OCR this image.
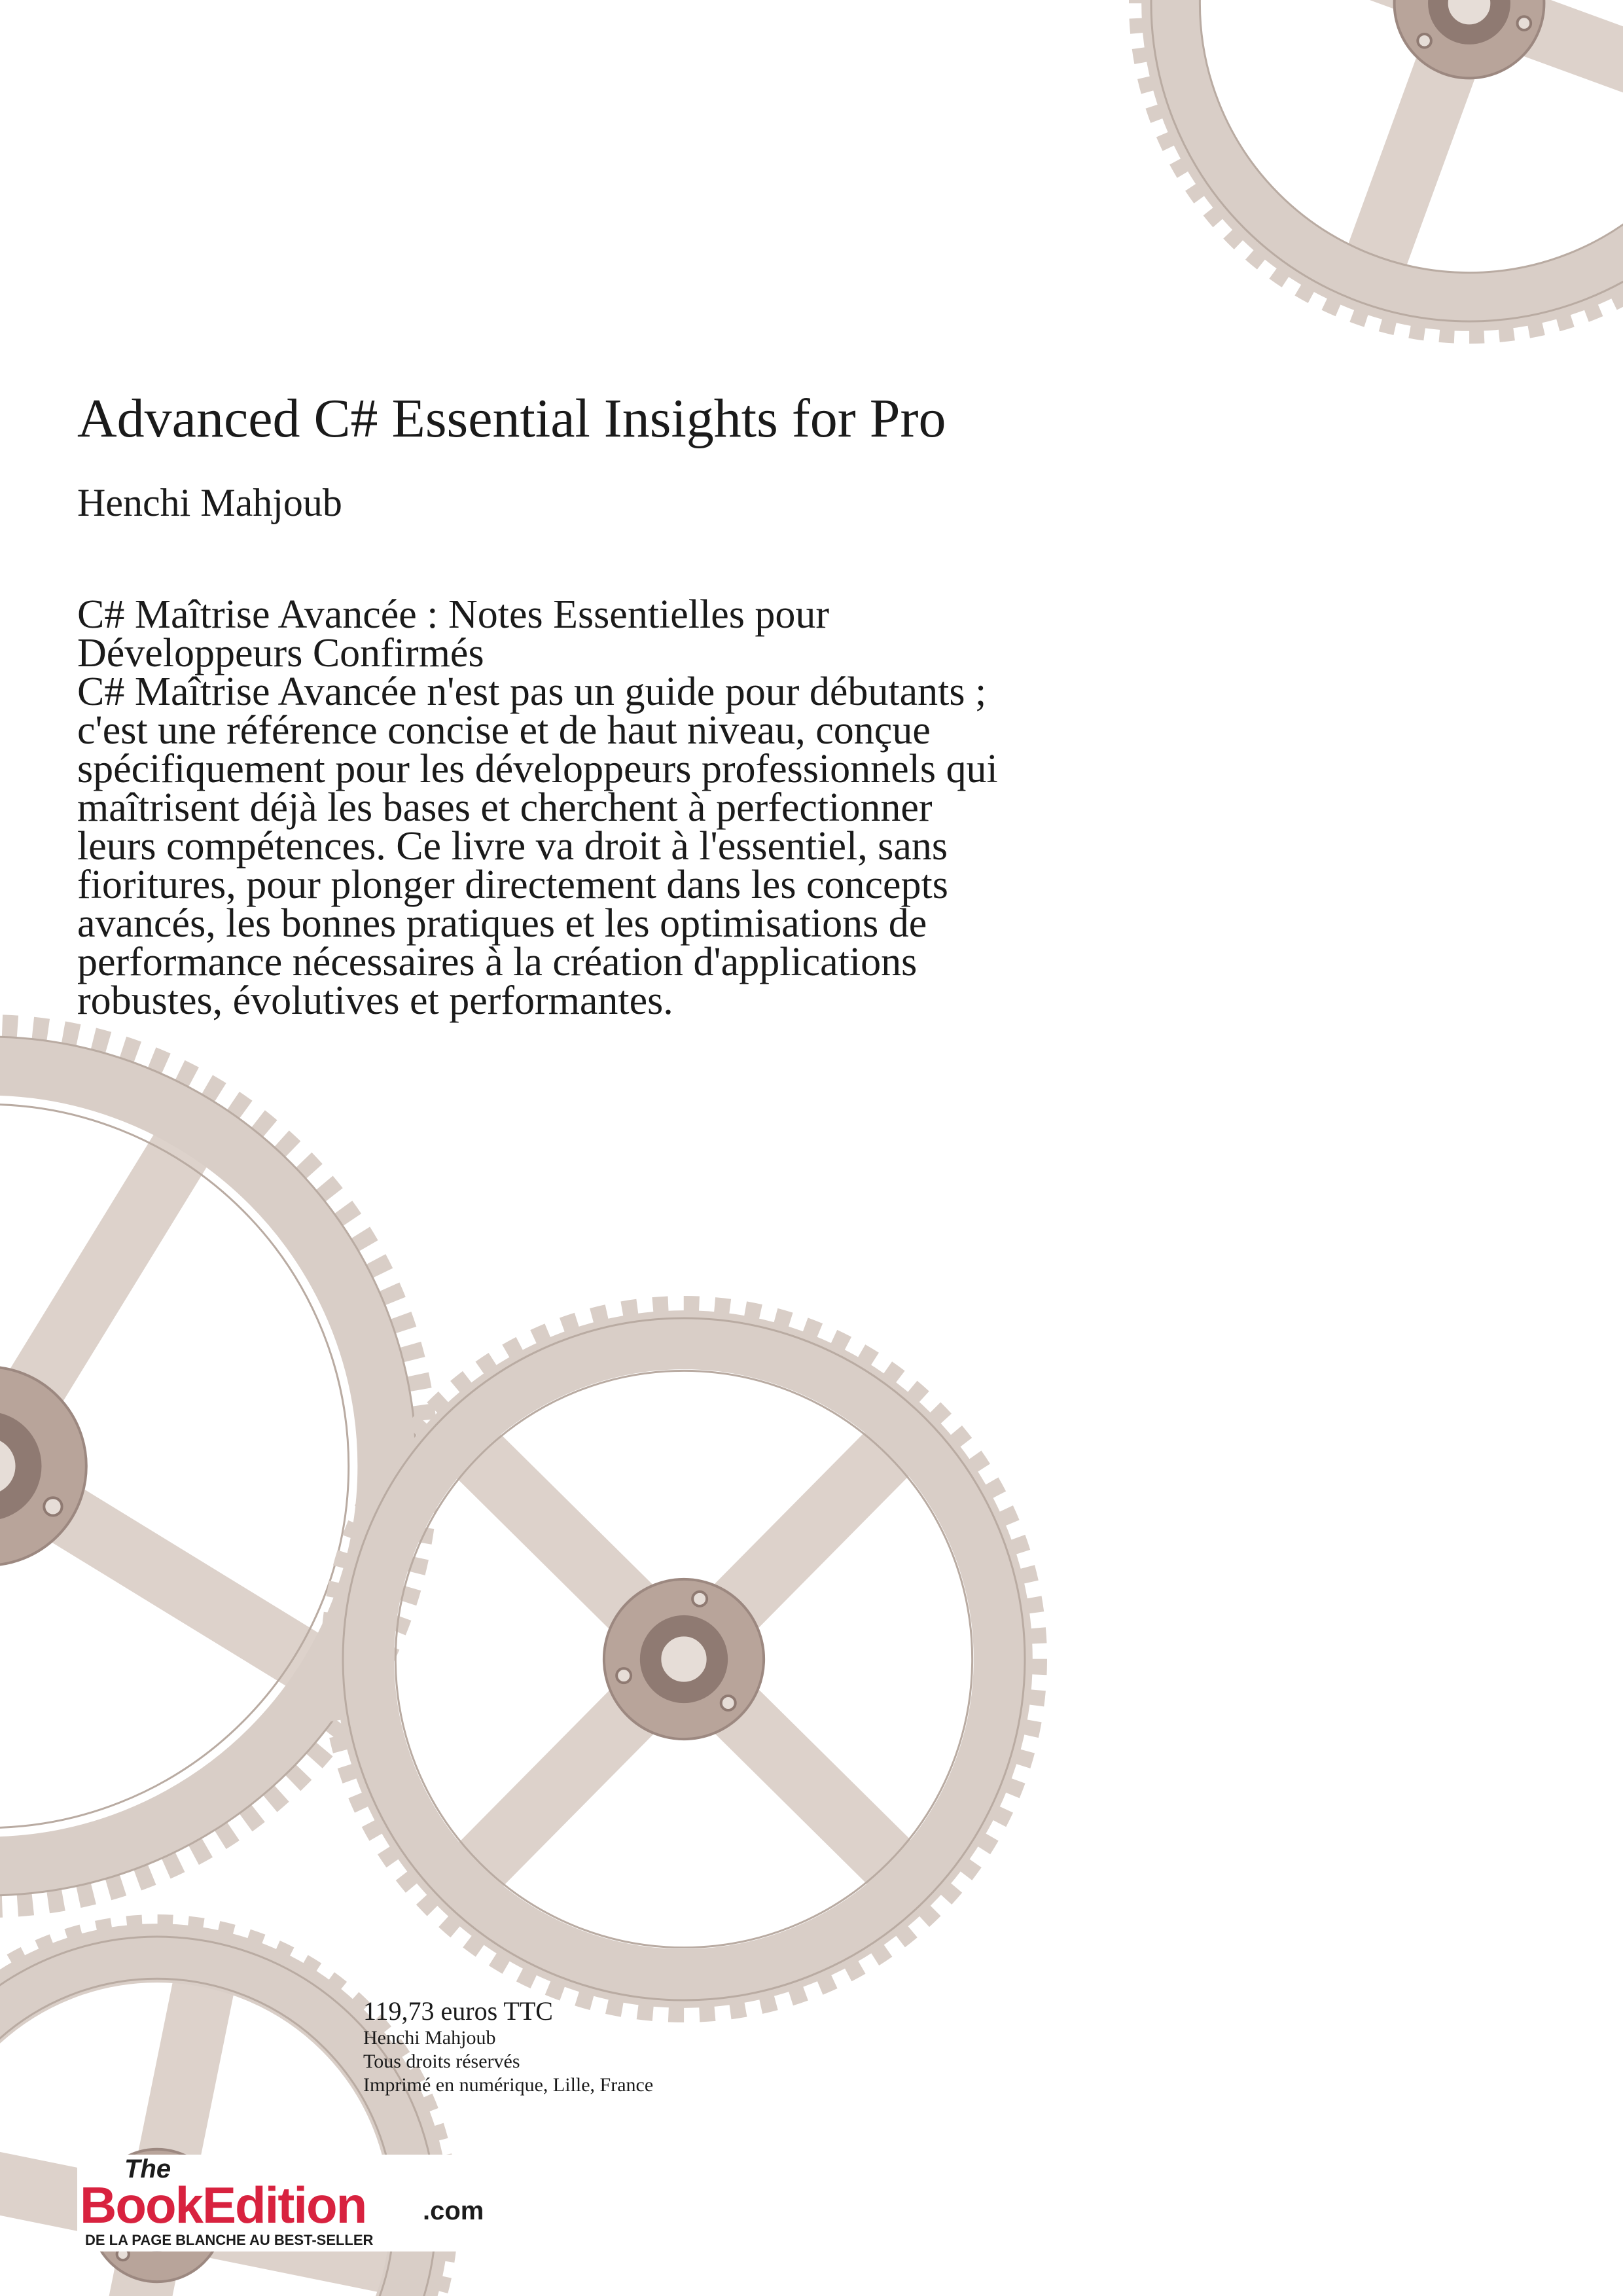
Advanced C# Essential Insights for Pro
Henchi Mahjoub
C# Maîtrise Avancée : Notes Essentielles pour
Développeurs Confirmés
C# Maîtrise Avancée n'est pas un guide pour débutants ;
c'est une référence concise et de haut niveau, conçue
spécifiquement pour les développeurs professionnels qui
maîtrisent déjà les bases et cherchent à perfectionner
leurs compétences. Ce livre va droit à l'essentiel, sans
fioritures, pour plonger directement dans les concepts
avancés, les bonnes pratiques et les optimisations de
performance nécessaires à la création d'applications
robustes, évolutives et performantes.
119,73 euros TTC
Henchi Mahjoub
Tous droits réservés
Imprimé en numérique, Lille, France
The
BookEdition .com
DE LA PAGE BLANCHE AU BEST-SELLER
